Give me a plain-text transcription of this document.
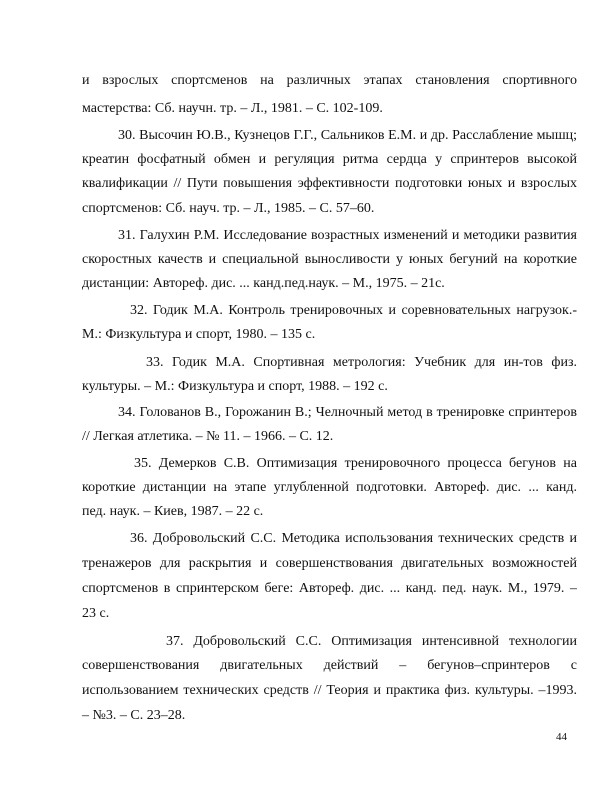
и взрослых спортсменов на различных этапах становления спортивного
мастерства: Сб. научн. тр. – Л., 1981. – С. 102-109.
30. Высочин Ю.В., Кузнецов Г.Г., Сальников Е.М. и др. Расслабление мышц;
креатин фосфатный обмен и регуляция ритма сердца у спринтеров высокой
квалификации // Пути повышения эффективности подготовки юных и взрослых
спортсменов: Сб. науч. тр. – Л., 1985. – С. 57–60.
31. Галухин Р.М. Исследование возрастных изменений и методики развития
скоростных качеств и специальной выносливости у юных бегуний на короткие
дистанции: Автореф. дис. ... канд.пед.наук. – М., 1975. – 21с.
32. Годик М.А. Контроль тренировочных и соревновательных нагрузок.-
М.: Физкультура и спорт, 1980. – 135 с.
33. Годик М.А. Спортивная метрология: Учебник для ин-тов физ.
культуры. – М.: Физкультура и спорт, 1988. – 192 с.
34. Голованов В., Горожанин В.; Челночный метод в тренировке спринтеров
// Легкая атлетика. – № 11. – 1966. – С. 12.
35. Демерков С.В. Оптимизация тренировочного процесса бегунов на
короткие дистанции на этапе углубленной подготовки. Автореф. дис. ... канд.
пед. наук. – Киев, 1987. – 22 с.
36. Добровольский С.С. Методика использования технических средств и
тренажеров для раскрытия и совершенствования двигательных возможностей
спортсменов в спринтерском беге: Автореф. дис. ... канд. пед. наук. М., 1979. –
23 с.
37. Добровольский С.С. Оптимизация интенсивной технологии
совершенствования двигательных действий – бегунов–спринтеров с
использованием технических средств // Теория и практика физ. культуры. –1993.
– №3. – С. 23–28.
44
